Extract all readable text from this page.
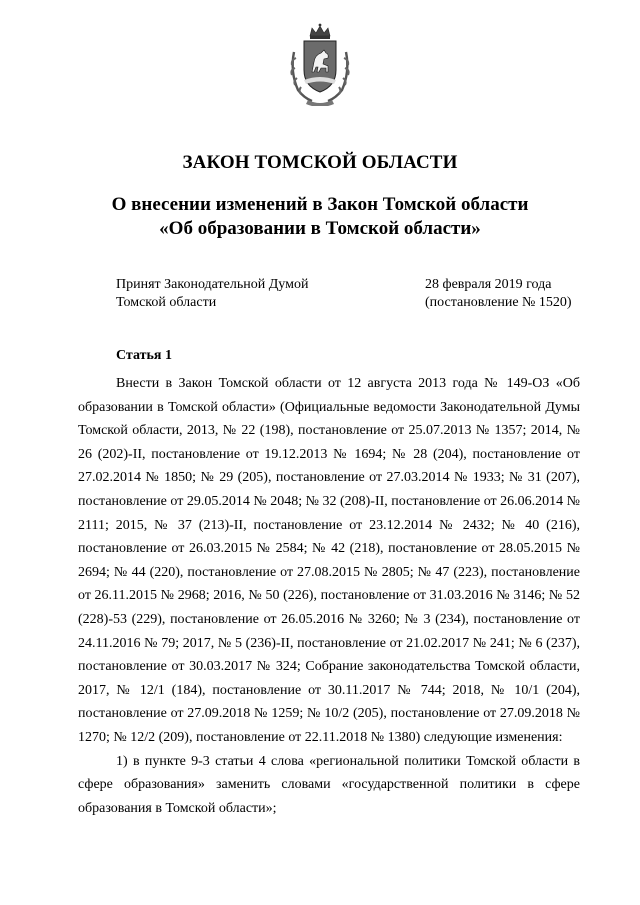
ЗАКОН ТОМСКОЙ ОБЛАСТИ
О внесении изменений в Закон Томской области
«Об образовании в Томской области»
Принят Законодательной Думой
Томской области
28 февраля 2019 года
(постановление № 1520)
Статья 1

Внести в Закон Томской области от 12 августа 2013 года № 149-ОЗ «Об образовании в Томской области» (Официальные ведомости Законодательной Думы Томской области, 2013, № 22 (198), постановление от 25.07.2013 № 1357; 2014, № 26 (202)-II, постановление от 19.12.2013 № 1694; № 28 (204), постановление от 27.02.2014 № 1850; № 29 (205), постановление от 27.03.2014 № 1933; № 31 (207), постановление от 29.05.2014 № 2048; № 32 (208)-II, постановление от 26.06.2014 № 2111; 2015, № 37 (213)-II, постановление от 23.12.2014 № 2432; № 40 (216), постановление от 26.03.2015 № 2584; № 42 (218), постановление от 28.05.2015 № 2694; № 44 (220), постановление от 27.08.2015 № 2805; № 47 (223), постановление от 26.11.2015 № 2968; 2016, № 50 (226), постановление от 31.03.2016 № 3146; № 52 (228)-53 (229), постановление от 26.05.2016 № 3260; № 3 (234), постановление от 24.11.2016 № 79; 2017, № 5 (236)-II, постановление от 21.02.2017 № 241; № 6 (237), постановление от 30.03.2017 № 324; Собрание законодательства Томской области, 2017, № 12/1 (184), постановление от 30.11.2017 № 744; 2018, № 10/1 (204), постановление от 27.09.2018 № 1259; № 10/2 (205), постановление от 27.09.2018 № 1270; № 12/2 (209), постановление от 22.11.2018 № 1380) следующие изменения:

1) в пункте 9-3 статьи 4 слова «региональной политики Томской области в сфере образования» заменить словами «государственной политики в сфере образования в Томской области»;
